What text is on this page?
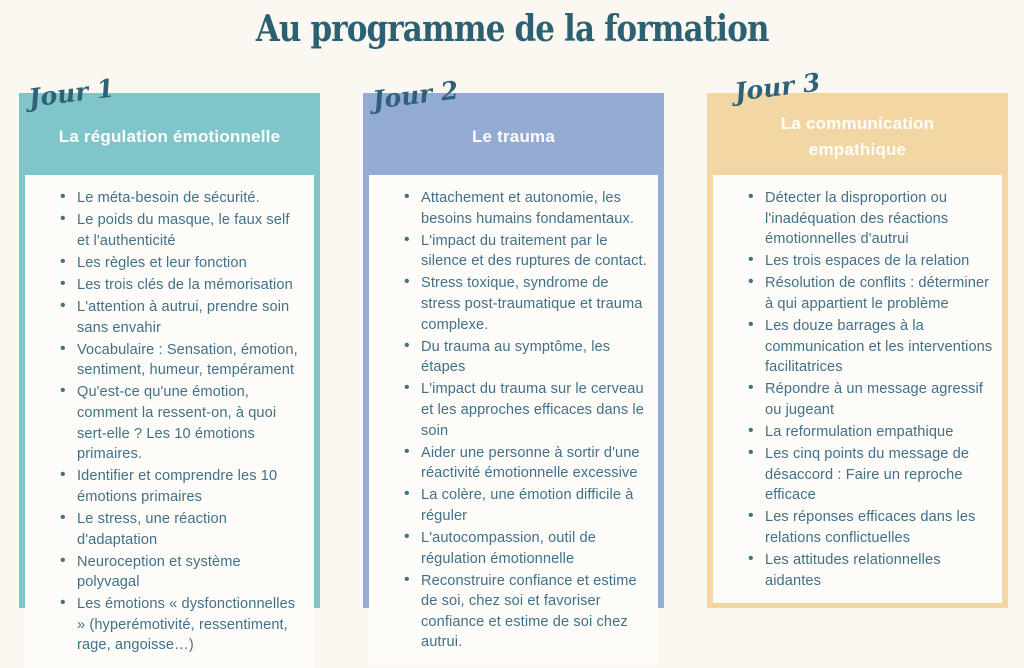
Au programme de la formation
Jour 1
La régulation émotionnelle
• Le méta-besoin de sécurité.
• Le poids du masque, le faux self et l'authenticité
• Les règles et leur fonction
• Les trois clés de la mémorisation
• L'attention à autrui, prendre soin sans envahir
• Vocabulaire : Sensation, émotion, sentiment, humeur, tempérament
• Qu'est-ce qu'une émotion, comment la ressent-on, à quoi sert-elle ? Les 10 émotions primaires.
• Identifier et comprendre les 10 émotions primaires
• Le stress, une réaction d'adaptation
• Neuroception et système polyvagal
• Les émotions « dysfonctionnelles » (hyperémotivité, ressentiment, rage, angoisse…)
Jour 2
Le trauma
• Attachement et autonomie, les besoins humains fondamentaux.
• L'impact du traitement par le silence et des ruptures de contact.
• Stress toxique, syndrome de stress post-traumatique et trauma complexe.
• Du trauma au symptôme, les étapes
• L'impact du trauma sur le cerveau et les approches efficaces dans le soin
• Aider une personne à sortir d'une réactivité émotionnelle excessive
• La colère, une émotion difficile à réguler
• L'autocompassion, outil de régulation émotionnelle
• Reconstruire confiance et estime de soi, chez soi et favoriser confiance et estime de soi chez autrui.
Jour 3
La communication empathique
• Détecter la disproportion ou l'inadéquation des réactions émotionnelles d'autrui
• Les trois espaces de la relation
• Résolution de conflits : déterminer à qui appartient le problème
• Les douze barrages à la communication et les interventions facilitatrices
• Répondre à un message agressif ou jugeant
• La reformulation empathique
• Les cinq points du message de désaccord : Faire un reproche efficace
• Les réponses efficaces dans les relations conflictuelles
• Les attitudes relationnelles aidantes
